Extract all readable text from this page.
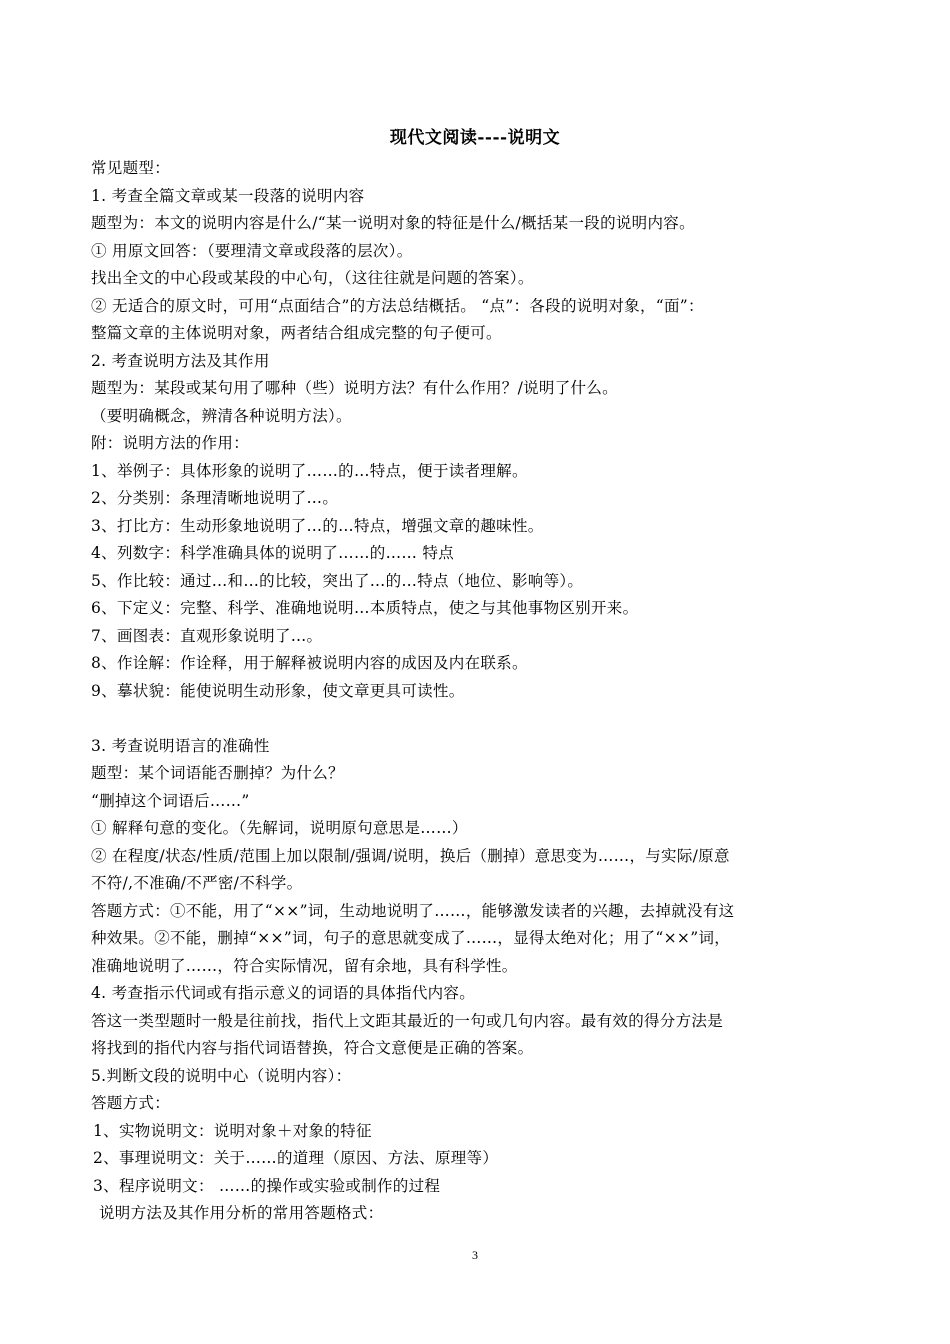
现代文阅读----说明文
常见题型：
1. 考查全篇文章或某一段落的说明内容
题型为：本文的说明内容是什么/“某一说明对象的特征是什么/概括某一段的说明内容。
① 用原文回答：（要理清文章或段落的层次）。
找出全文的中心段或某段的中心句，（这往往就是问题的答案）。
② 无适合的原文时，可用“点面结合”的方法总结概括。 “点”：各段的说明对象，“面”：
整篇文章的主体说明对象，两者结合组成完整的句子便可。
2. 考查说明方法及其作用
题型为：某段或某句用了哪种（些）说明方法？有什么作用？/说明了什么。
（要明确概念，辨清各种说明方法）。
附：说明方法的作用：
1、举例子：具体形象的说明了……的…特点，便于读者理解。
2、分类别：条理清晰地说明了…。
3、打比方：生动形象地说明了…的…特点，增强文章的趣味性。
4、列数字：科学准确具体的说明了……的…… 特点
5、作比较：通过…和…的比较，突出了…的…特点（地位、影响等）。
6、下定义：完整、科学、准确地说明…本质特点，使之与其他事物区别开来。
7、画图表：直观形象说明了…。
8、作诠解：作诠释，用于解释被说明内容的成因及内在联系。
9、摹状貌：能使说明生动形象，使文章更具可读性。
3. 考查说明语言的准确性
题型：某个词语能否删掉？为什么？
“删掉这个词语后……”
① 解释句意的变化。（先解词，说明原句意思是……）
② 在程度/状态/性质/范围上加以限制/强调/说明，换后（删掉）意思变为……，与实际/原意
不符/,不准确/不严密/不科学。
答题方式：①不能，用了“××”词，生动地说明了……，能够激发读者的兴趣，去掉就没有这
种效果。②不能，删掉“××”词，句子的意思就变成了……，显得太绝对化；用了“××”词，
准确地说明了……，符合实际情况，留有余地，具有科学性。
4. 考查指示代词或有指示意义的词语的具体指代内容。
答这一类型题时一般是往前找，指代上文距其最近的一句或几句内容。最有效的得分方法是
将找到的指代内容与指代词语替换，符合文意便是正确的答案。
5.判断文段的说明中心（说明内容）：
答题方式：
1、实物说明文：说明对象＋对象的特征
2、事理说明文：关于……的道理（原因、方法、原理等）
3、程序说明文： ……的操作或实验或制作的过程
说明方法及其作用分析的常用答题格式：
3
